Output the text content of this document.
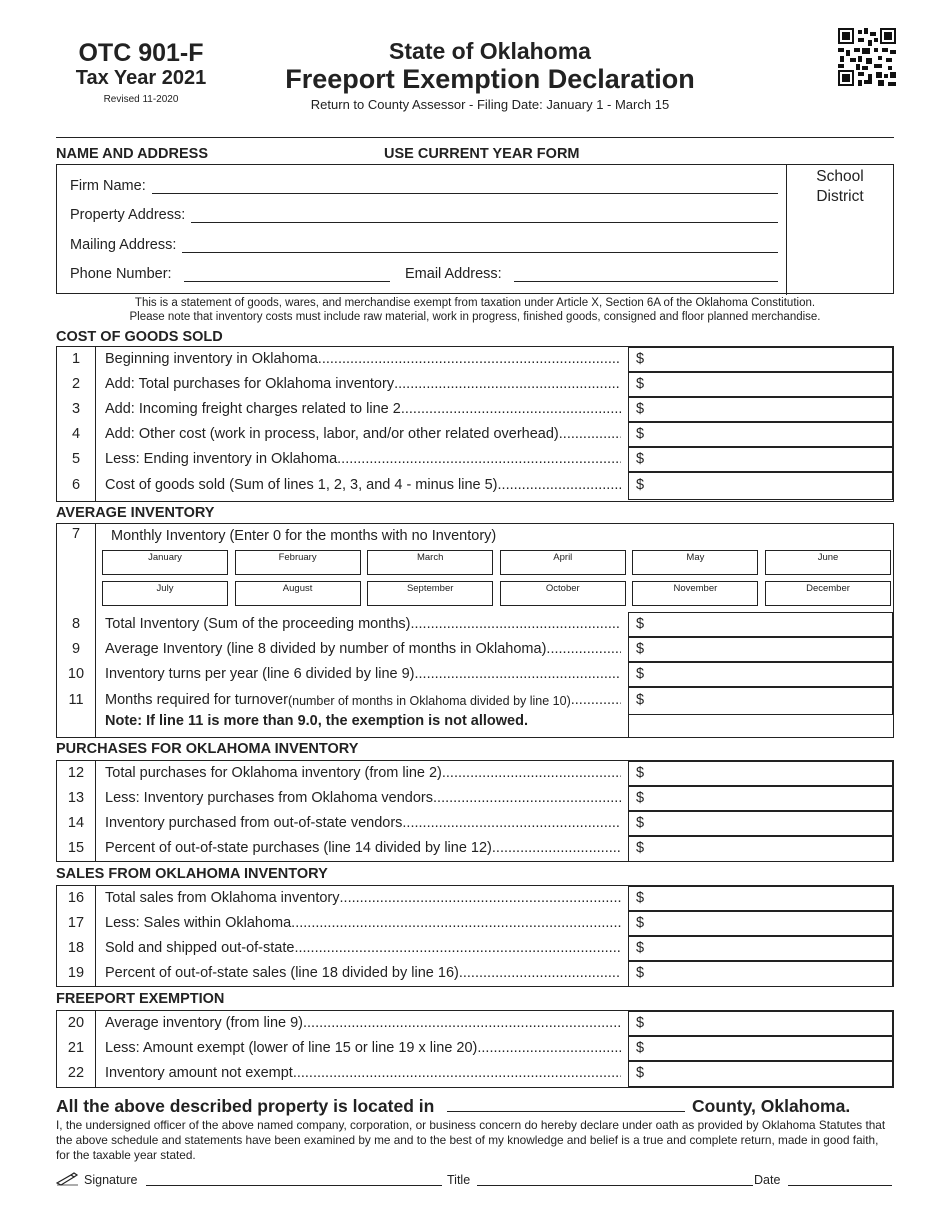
OTC 901-F
Tax Year 2021
Revised 11-2020
State of Oklahoma
Freeport Exemption Declaration
Return to County Assessor - Filing Date: January 1 - March 15
NAME AND ADDRESS	USE CURRENT YEAR FORM
Firm Name:
Property Address:
Mailing Address:
Phone Number:	Email Address:
School District
This is a statement of goods, wares, and merchandise exempt from taxation under Article X, Section 6A of the Oklahoma Constitution.
Please note that inventory costs must include raw material, work in progress, finished goods, consigned and floor planned merchandise.
COST OF GOODS SOLD
1	Beginning inventory in Oklahoma .....	$
2	Add: Total purchases for Oklahoma inventory .....	$
3	Add: Incoming freight charges related to line 2 .....	$
4	Add: Other cost (work in process, labor, and/or other related overhead) .....	$
5	Less: Ending inventory in Oklahoma .....	$
6	Cost of goods sold (Sum of lines 1, 2, 3, and 4 - minus line 5) .....	$
AVERAGE INVENTORY
7	Monthly Inventory (Enter 0 for the months with no Inventory)
January	February	March	April	May	June
July	August	September	October	November	December
Note: If line 11 is more than 9.0, the exemption is not allowed.
8	Total Inventory (Sum of the proceeding months) .....	$
9	Average Inventory (line 8 divided by number of months in Oklahoma) .....	$
10	Inventory turns per year (line 6 divided by line 9) .....	$
11	Months required for turnover (number of months in Oklahoma divided by line 10) .....	$
PURCHASES FOR OKLAHOMA INVENTORY
12	Total purchases for Oklahoma inventory (from line 2) .....	$
13	Less: Inventory purchases from Oklahoma vendors .....	$
14	Inventory purchased from out-of-state vendors .....	$
15	Percent of out-of-state purchases (line 14 divided by line 12) .....	$
SALES FROM OKLAHOMA INVENTORY
16	Total sales from Oklahoma inventory .....	$
17	Less: Sales within Oklahoma .....	$
18	Sold and shipped out-of-state .....	$
19	Percent of out-of-state sales (line 18 divided by line 16) .....	$
FREEPORT EXEMPTION
20	Average inventory (from line 9) .....	$
21	Less: Amount exempt (lower of line 15 or line 19 x line 20) .....	$
22	Inventory amount not exempt .....	$
All the above described property is located in	County, Oklahoma.
I, the undersigned officer of the above named company, corporation, or business concern do hereby declare under oath as provided by Oklahoma Statutes that the above schedule and statements have been examined by me and to the best of my knowledge and belief is a true and complete return, made in good faith, for the taxable year stated.
Signature	Title	Date
